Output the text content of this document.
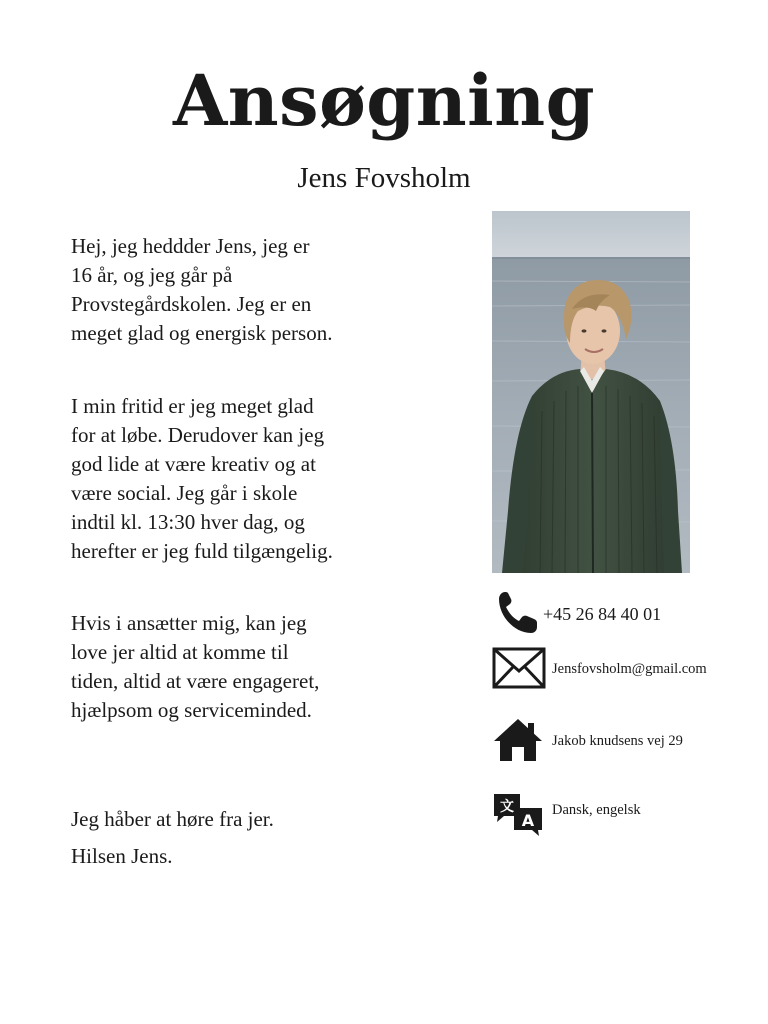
Ansøgning
Jens Fovsholm

Hej, jeg heddder Jens, jeg er
16 år, og jeg går på
Provstegårdskolen. Jeg er en
meget glad og energisk person.

I min fritid er jeg meget glad
for at løbe. Derudover kan jeg
god lide at være kreativ og at
være social. Jeg går i skole
indtil kl. 13:30 hver dag, og
herefter er jeg fuld tilgængelig.

Hvis i ansætter mig, kan jeg
love jer altid at komme til
tiden, altid at være engageret,
hjælpsom og serviceminded.

Jeg håber at høre fra jer.

Hilsen Jens.

+45 26 84 40 01
Jensfovsholm@gmail.com
Jakob knudsens vej 29
文
A
Dansk, engelsk
